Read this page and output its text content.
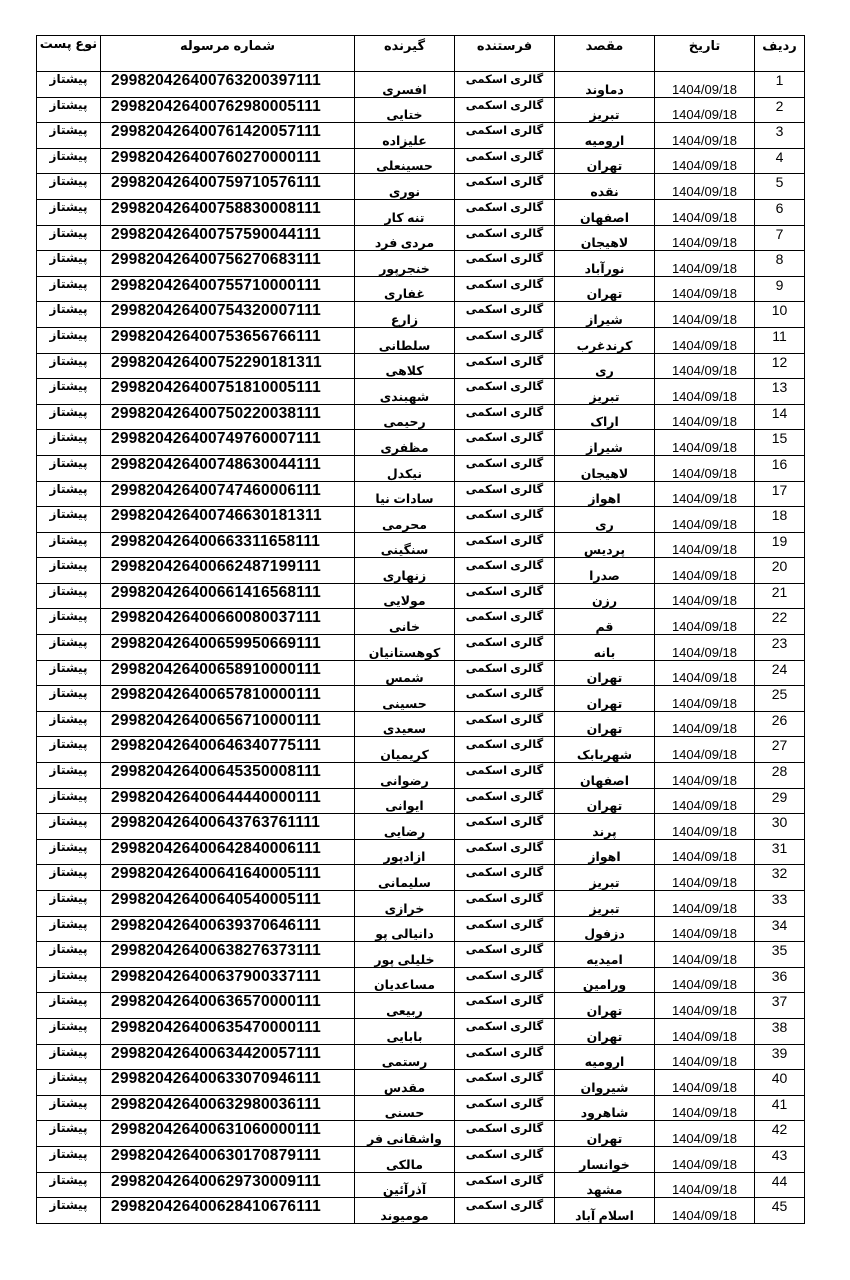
ردیف	تاریخ	مقصد	فرستنده	گیرنده	شماره مرسوله	نوع پست
1	1404/09/18	دماوند	گالری اسکمی	افسری	299820426400763200397111	پیشتاز
2	1404/09/18	تبریز	گالری اسکمی	ختایی	299820426400762980005111	پیشتاز
3	1404/09/18	ارومیه	گالری اسکمی	علیزاده	299820426400761420057111	پیشتاز
4	1404/09/18	تهران	گالری اسکمی	حسینعلی	299820426400760270000111	پیشتاز
5	1404/09/18	نقده	گالری اسکمی	نوری	299820426400759710576111	پیشتاز
6	1404/09/18	اصفهان	گالری اسکمی	تنه کار	299820426400758830008111	پیشتاز
7	1404/09/18	لاهیجان	گالری اسکمی	مردی فرد	299820426400757590044111	پیشتاز
8	1404/09/18	نورآباد	گالری اسکمی	خنجرپور	299820426400756270683111	پیشتاز
9	1404/09/18	تهران	گالری اسکمی	غفاری	299820426400755710000111	پیشتاز
10	1404/09/18	شیراز	گالری اسکمی	زارع	299820426400754320007111	پیشتاز
11	1404/09/18	کرندغرب	گالری اسکمی	سلطانی	299820426400753656766111	پیشتاز
12	1404/09/18	ری	گالری اسکمی	کلاهی	299820426400752290181311	پیشتاز
13	1404/09/18	تبریز	گالری اسکمی	شهبندی	299820426400751810005111	پیشتاز
14	1404/09/18	اراک	گالری اسکمی	رحیمی	299820426400750220038111	پیشتاز
15	1404/09/18	شیراز	گالری اسکمی	مظفری	299820426400749760007111	پیشتاز
16	1404/09/18	لاهیجان	گالری اسکمی	نیکدل	299820426400748630044111	پیشتاز
17	1404/09/18	اهواز	گالری اسکمی	سادات نیا	299820426400747460006111	پیشتاز
18	1404/09/18	ری	گالری اسکمی	محرمی	299820426400746630181311	پیشتاز
19	1404/09/18	پردیس	گالری اسکمی	سنگینی	299820426400663311658111	پیشتاز
20	1404/09/18	صدرا	گالری اسکمی	زنهاری	299820426400662487199111	پیشتاز
21	1404/09/18	رزن	گالری اسکمی	مولایی	299820426400661416568111	پیشتاز
22	1404/09/18	قم	گالری اسکمی	خانی	299820426400660080037111	پیشتاز
23	1404/09/18	بانه	گالری اسکمی	کوهستانیان	299820426400659950669111	پیشتاز
24	1404/09/18	تهران	گالری اسکمی	شمس	299820426400658910000111	پیشتاز
25	1404/09/18	تهران	گالری اسکمی	حسینی	299820426400657810000111	پیشتاز
26	1404/09/18	تهران	گالری اسکمی	سعیدی	299820426400656710000111	پیشتاز
27	1404/09/18	شهربابک	گالری اسکمی	کریمیان	299820426400646340775111	پیشتاز
28	1404/09/18	اصفهان	گالری اسکمی	رضوانی	299820426400645350008111	پیشتاز
29	1404/09/18	تهران	گالری اسکمی	ایوانی	299820426400644440000111	پیشتاز
30	1404/09/18	پرند	گالری اسکمی	رضایی	299820426400643763761111	پیشتاز
31	1404/09/18	اهواز	گالری اسکمی	ازادپور	299820426400642840006111	پیشتاز
32	1404/09/18	تبریز	گالری اسکمی	سلیمانی	299820426400641640005111	پیشتاز
33	1404/09/18	تبریز	گالری اسکمی	خرازی	299820426400640540005111	پیشتاز
34	1404/09/18	دزفول	گالری اسکمی	دانیالی پو	299820426400639370646111	پیشتاز
35	1404/09/18	امیدیه	گالری اسکمی	خلیلی پور	299820426400638276373111	پیشتاز
36	1404/09/18	ورامین	گالری اسکمی	مساعدیان	299820426400637900337111	پیشتاز
37	1404/09/18	تهران	گالری اسکمی	ربیعی	299820426400636570000111	پیشتاز
38	1404/09/18	تهران	گالری اسکمی	بابایی	299820426400635470000111	پیشتاز
39	1404/09/18	ارومیه	گالری اسکمی	رستمی	299820426400634420057111	پیشتاز
40	1404/09/18	شیروان	گالری اسکمی	مقدس	299820426400633070946111	پیشتاز
41	1404/09/18	شاهرود	گالری اسکمی	حسنی	299820426400632980036111	پیشتاز
42	1404/09/18	تهران	گالری اسکمی	واشقانی فر	299820426400631060000111	پیشتاز
43	1404/09/18	خوانسار	گالری اسکمی	مالکی	299820426400630170879111	پیشتاز
44	1404/09/18	مشهد	گالری اسکمی	آذرآئین	299820426400629730009111	پیشتاز
45	1404/09/18	اسلام آباد	گالری اسکمی	مومیوند	299820426400628410676111	پیشتاز
